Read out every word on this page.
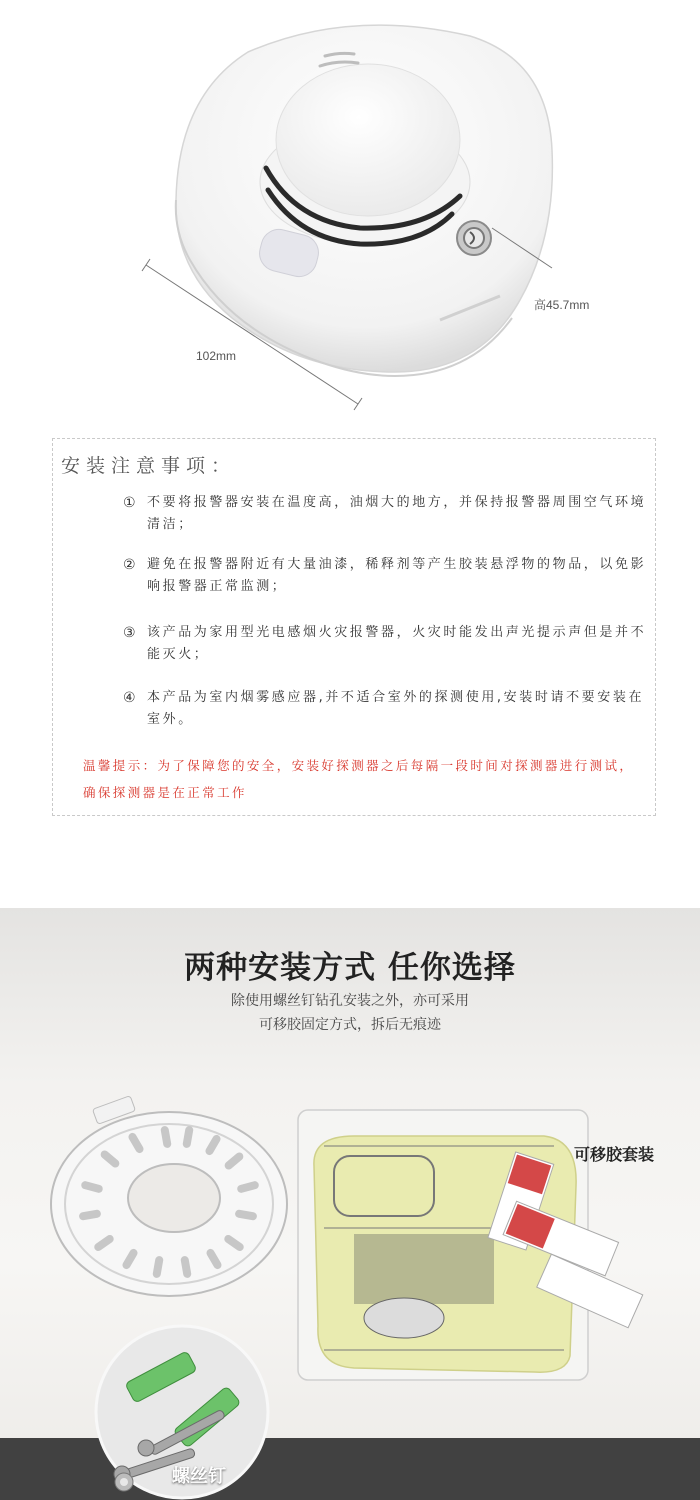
102mm
高45.7mm
安装注意事项：
① 不要将报警器安装在温度高，油烟大的地方，并保持报警器周围空气环境清洁；
② 避免在报警器附近有大量油漆，稀释剂等产生胶装悬浮物的物品，以免影响报警器正常监测；
③ 该产品为家用型光电感烟火灾报警器，火灾时能发出声光提示声但是并不能灭火；
④ 本产品为室内烟雾感应器,并不适合室外的探测使用,安装时请不要安装在室外。
温馨提示：为了保障您的安全，安装好探测器之后每隔一段时间对探测器进行测试，确保探测器是在正常工作
两种安装方式 任你选择
除使用螺丝钉钻孔安装之外，亦可采用
可移胶固定方式，拆后无痕迹
可移胶套装
螺丝钉
